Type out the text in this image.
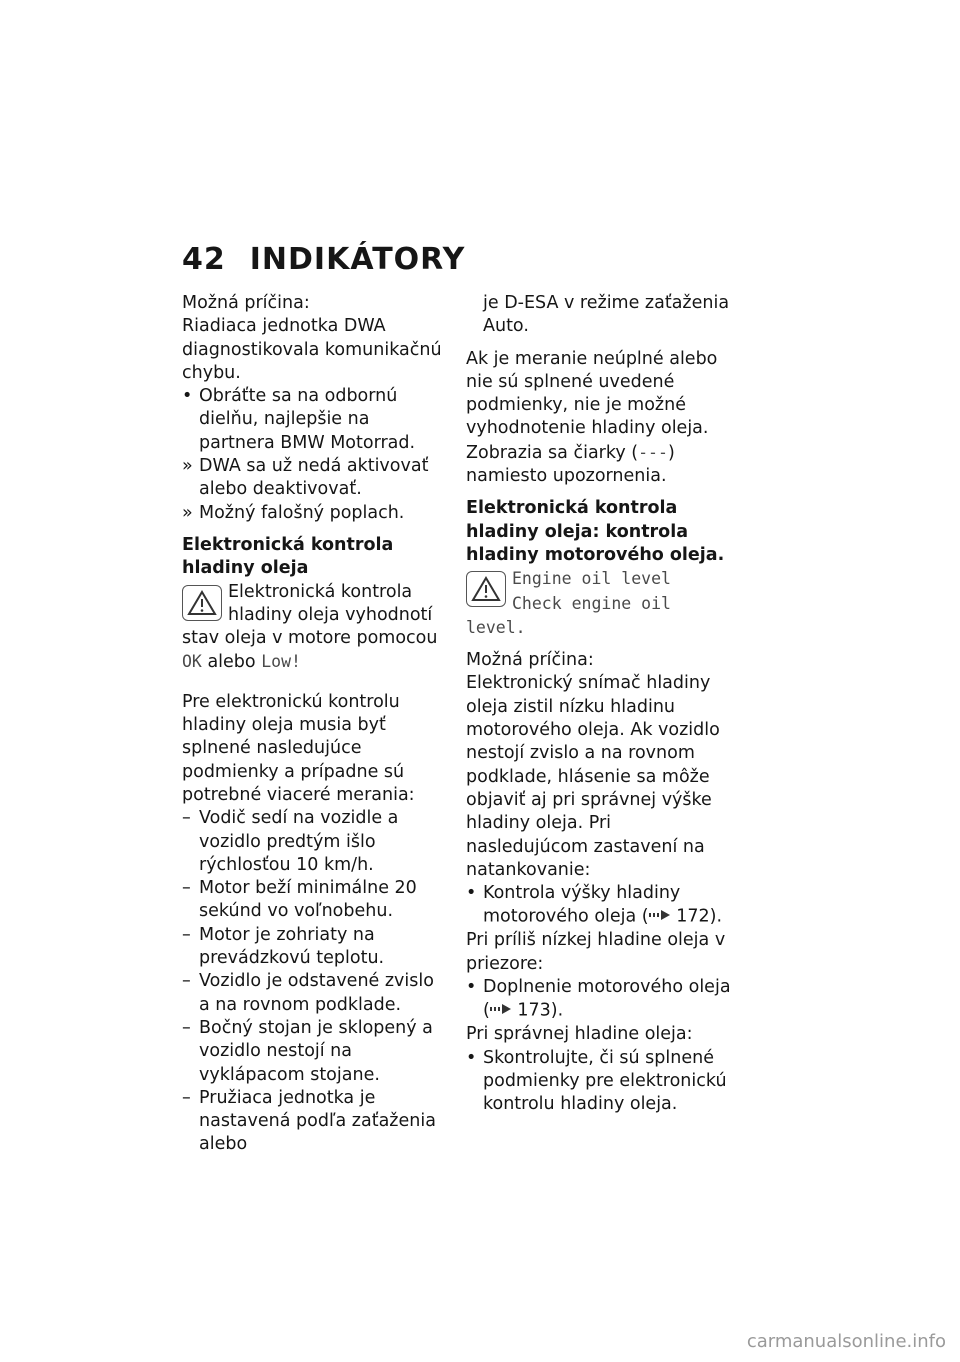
42 INDIKÁTORY

Možná príčina:

Riadiaca jednotka DWA diagnostikovala komunikačnú chybu.

• Obráťte sa na odbornú dielňu, najlepšie na partnera BMW Motorrad.
» DWA sa už nedá aktivovať alebo deaktivovať.
» Možný falošný poplach.

Elektronická kontrola hladiny oleja

Elektronická kontrola hladiny oleja vyhodnotí stav oleja v motore pomocou OK alebo Low!

Pre elektronickú kontrolu hladiny oleja musia byť splnené nasledujúce podmienky a prípadne sú potrebné viaceré merania:

– Vodič sedí na vozidle a vozidlo predtým išlo rýchlosťou 10 km/h.
– Motor beží minimálne 20 sekúnd vo voľnobehu.
– Motor je zohriaty na prevádzkovú teplotu.
– Vozidlo je odstavené zvislo a na rovnom podklade.
– Bočný stojan je sklopený a vozidlo nestojí na vyklápacom stojane.
– Pružiaca jednotka je nastavená podľa zaťaženia alebo

je D-ESA v režime zaťaženia Auto.

Ak je meranie neúplné alebo nie sú splnené uvedené podmienky, nie je možné vyhodnotenie hladiny oleja. Zobrazia sa čiarky (---) namiesto upozornenia.

Elektronická kontrola hladiny oleja: kontrola hladiny motorového oleja.

Engine oil level
Check engine oil level.

Možná príčina:

Elektronický snímač hladiny oleja zistil nízku hladinu motorového oleja. Ak vozidlo nestojí zvislo a na rovnom podklade, hlásenie sa môže objaviť aj pri správnej výške hladiny oleja. Pri nasledujúcom zastavení na natankovanie:

• Kontrola výšky hladiny motorového oleja ( 172).

Pri príliš nízkej hladine oleja v priezore:

• Doplnenie motorového oleja ( 173).

Pri správnej hladine oleja:

• Skontrolujte, či sú splnené podmienky pre elektronickú kontrolu hladiny oleja.
carmanualsonline.info
